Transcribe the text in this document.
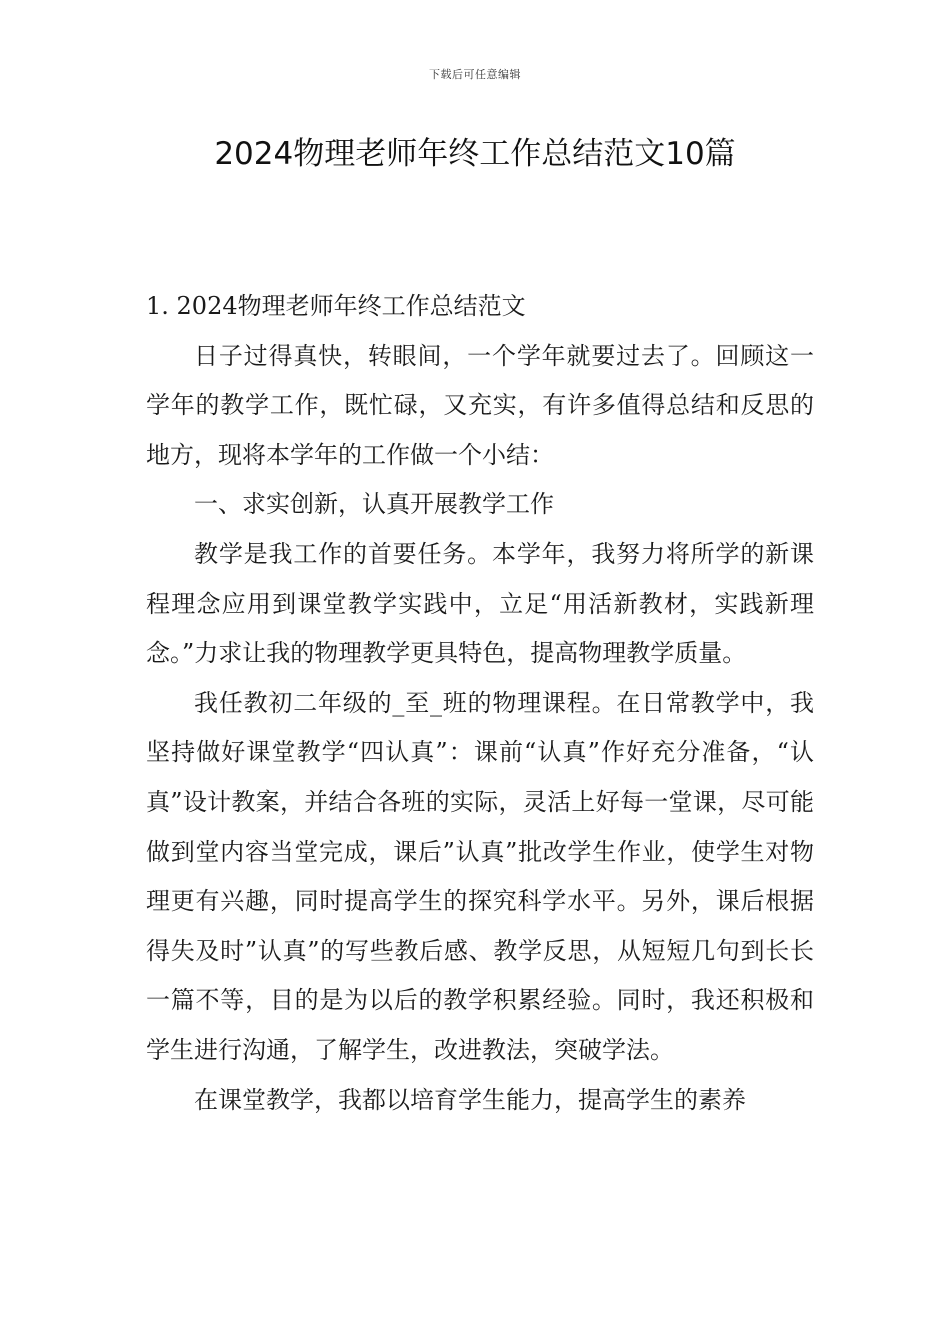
下载后可任意编辑
2024物理老师年终工作总结范文10篇
1. 2024物理老师年终工作总结范文

日子过得真快，转眼间，一个学年就要过去了。回顾这一学年的教学工作，既忙碌，又充实，有许多值得总结和反思的地方，现将本学年的工作做一个小结：

一、求实创新，认真开展教学工作

教学是我工作的首要任务。本学年，我努力将所学的新课程理念应用到课堂教学实践中，立足“用活新教材，实践新理念。”力求让我的物理教学更具特色，提高物理教学质量。

我任教初二年级的_至_班的物理课程。在日常教学中，我坚持做好课堂教学“四认真”：课前“认真”作好充分准备，“认真”设计教案，并结合各班的实际，灵活上好每一堂课，尽可能做到堂内容当堂完成，课后”认真”批改学生作业，使学生对物理更有兴趣，同时提高学生的探究科学水平。另外，课后根据得失及时”认真”的写些教后感、教学反思，从短短几句到长长一篇不等，目的是为以后的教学积累经验。同时，我还积极和学生进行沟通，了解学生，改进教法，突破学法。

在课堂教学，我都以培育学生能力，提高学生的素养
